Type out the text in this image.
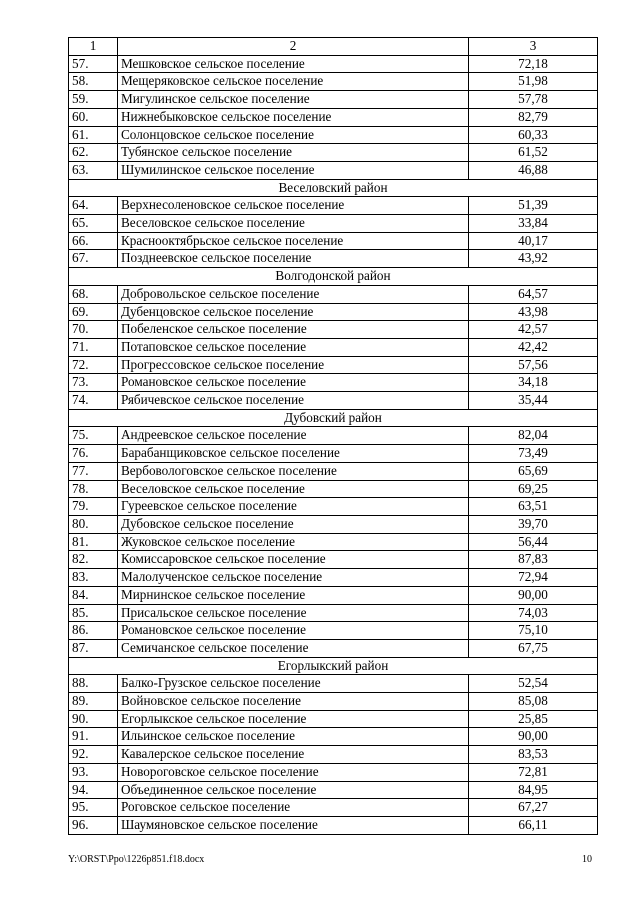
1	2	3
57.	Мешковское сельское поселение	72,18
58.	Мещеряковское сельское поселение	51,98
59.	Мигулинское сельское поселение	57,78
60.	Нижнебыковское сельское поселение	82,79
61.	Солонцовское сельское поселение	60,33
62.	Тубянское сельское поселение	61,52
63.	Шумилинское сельское поселение	46,88
Веселовский район		
64.	Верхнесоленовское сельское поселение	51,39
65.	Веселовское сельское поселение	33,84
66.	Краснооктябрьское сельское поселение	40,17
67.	Позднеевское сельское поселение	43,92
Волгодонской район		
68.	Добровольское сельское поселение	64,57
69.	Дубенцовское сельское поселение	43,98
70.	Побеленское сельское поселение	42,57
71.	Потаповское сельское поселение	42,42
72.	Прогрессовское сельское поселение	57,56
73.	Романовское сельское поселение	34,18
74.	Рябичевское сельское поселение	35,44
Дубовский район		
75.	Андреевское сельское поселение	82,04
76.	Барабанщиковское сельское поселение	73,49
77.	Вербовологовское сельское поселение	65,69
78.	Веселовское сельское поселение	69,25
79.	Гуреевское сельское поселение	63,51
80.	Дубовское сельское поселение	39,70
81.	Жуковское сельское поселение	56,44
82.	Комиссаровское сельское поселение	87,83
83.	Малолученское сельское поселение	72,94
84.	Мирнинское сельское поселение	90,00
85.	Присальское сельское поселение	74,03
86.	Романовское сельское поселение	75,10
87.	Семичанское сельское поселение	67,75
Егорлыкский район		
88.	Балко-Грузское сельское поселение	52,54
89.	Войновское сельское поселение	85,08
90.	Егорлыкское сельское поселение	25,85
91.	Ильинское сельское поселение	90,00
92.	Кавалерское сельское поселение	83,53
93.	Новороговское сельское поселение	72,81
94.	Объединенное сельское поселение	84,95
95.	Роговское сельское поселение	67,27
96.	Шаумяновское сельское поселение	66,11
Y:\ORST\Ppo\1226p851.f18.docx	10
